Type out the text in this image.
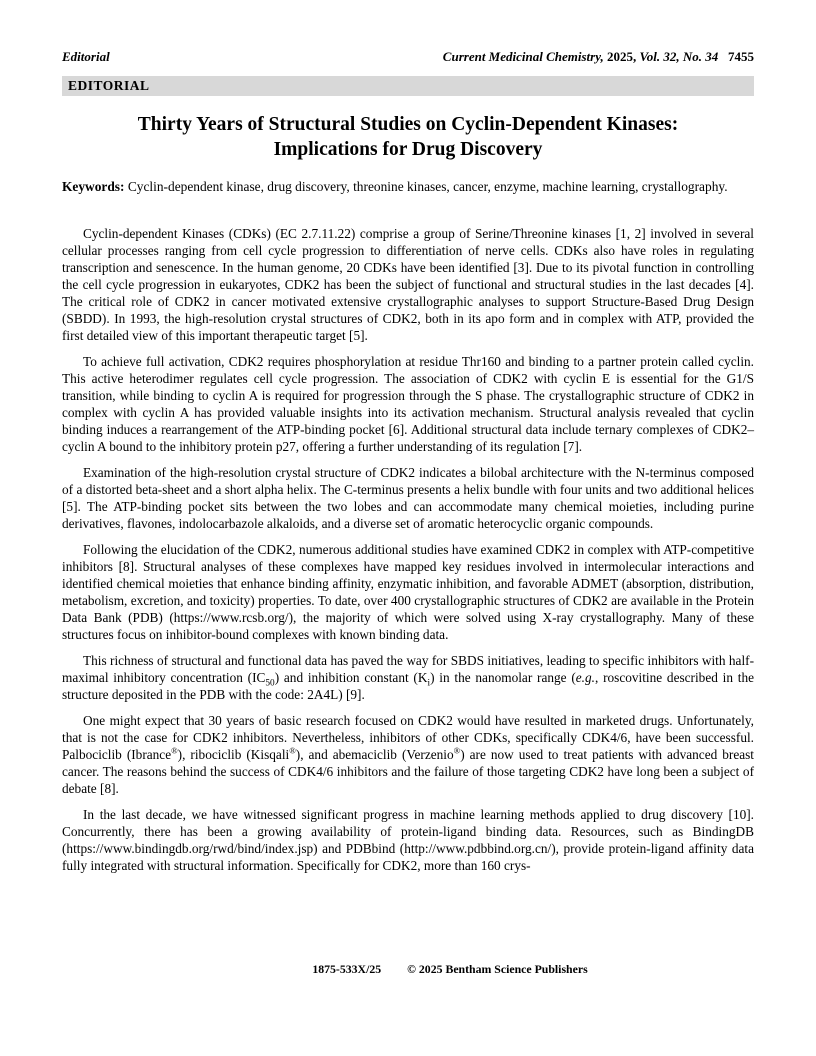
Editorial	Current Medicinal Chemistry, 2025, Vol. 32, No. 34   7455
EDITORIAL
Thirty Years of Structural Studies on Cyclin-Dependent Kinases:
Implications for Drug Discovery

Keywords: Cyclin-dependent kinase, drug discovery, threonine kinases, cancer, enzyme, machine learning, crystallography.

Cyclin-dependent Kinases (CDKs) (EC 2.7.11.22) comprise a group of Serine/Threonine kinases [1, 2] involved in several cellular processes ranging from cell cycle progression to differentiation of nerve cells. CDKs also have roles in regulating transcription and senescence. In the human genome, 20 CDKs have been identified [3]. Due to its pivotal function in controlling the cell cycle progression in eukaryotes, CDK2 has been the subject of functional and structural studies in the last decades [4]. The critical role of CDK2 in cancer motivated extensive crystallographic analyses to support Structure-Based Drug Design (SBDD). In 1993, the high-resolution crystal structures of CDK2, both in its apo form and in complex with ATP, provided the first detailed view of this important therapeutic target [5].

To achieve full activation, CDK2 requires phosphorylation at residue Thr160 and binding to a partner protein called cyclin. This active heterodimer regulates cell cycle progression. The association of CDK2 with cyclin E is essential for the G1/S transition, while binding to cyclin A is required for progression through the S phase. The crystallographic structure of CDK2 in complex with cyclin A has provided valuable insights into its activation mechanism. Structural analysis revealed that cyclin binding induces a rearrangement of the ATP-binding pocket [6]. Additional structural data include ternary complexes of CDK2–cyclin A bound to the inhibitory protein p27, offering a further understanding of its regulation [7].

Examination of the high-resolution crystal structure of CDK2 indicates a bilobal architecture with the N-terminus composed of a distorted beta-sheet and a short alpha helix. The C-terminus presents a helix bundle with four units and two additional helices [5]. The ATP-binding pocket sits between the two lobes and can accommodate many chemical moieties, including purine derivatives, flavones, indolocarbazole alkaloids, and a diverse set of aromatic heterocyclic organic compounds.

Following the elucidation of the CDK2, numerous additional studies have examined CDK2 in complex with ATP-competitive inhibitors [8]. Structural analyses of these complexes have mapped key residues involved in intermolecular interactions and identified chemical moieties that enhance binding affinity, enzymatic inhibition, and favorable ADMET (absorption, distribution, metabolism, excretion, and toxicity) properties. To date, over 400 crystallographic structures of CDK2 are available in the Protein Data Bank (PDB) (https://www.rcsb.org/), the majority of which were solved using X-ray crystallography. Many of these structures focus on inhibitor-bound complexes with known binding data.

This richness of structural and functional data has paved the way for SBDS initiatives, leading to specific inhibitors with half-maximal inhibitory concentration $(IC_{50})$ and inhibition constant $(K_i)$ in the nanomolar range (e.g., roscovitine described in the structure deposited in the PDB with the code: 2A4L) [9].

One might expect that 30 years of basic research focused on CDK2 would have resulted in marketed drugs. Unfortunately, that is not the case for CDK2 inhibitors. Nevertheless, inhibitors of other CDKs, specifically CDK4/6, have been successful. Palbociclib (Ibrance®), ribociclib (Kisqali®), and abemaciclib (Verzenio®) are now used to treat patients with advanced breast cancer. The reasons behind the success of CDK4/6 inhibitors and the failure of those targeting CDK2 have long been a subject of debate [8].

In the last decade, we have witnessed significant progress in machine learning methods applied to drug discovery [10]. Concurrently, there has been a growing availability of protein-ligand binding data. Resources, such as BindingDB (https://www.bindingdb.org/rwd/bind/index.jsp) and PDBbind (http://www.pdbbind.org.cn/), provide protein-ligand affinity data fully integrated with structural information. Specifically for CDK2, more than 160 crys-

1875-533X/25 © 2025 Bentham Science Publishers
